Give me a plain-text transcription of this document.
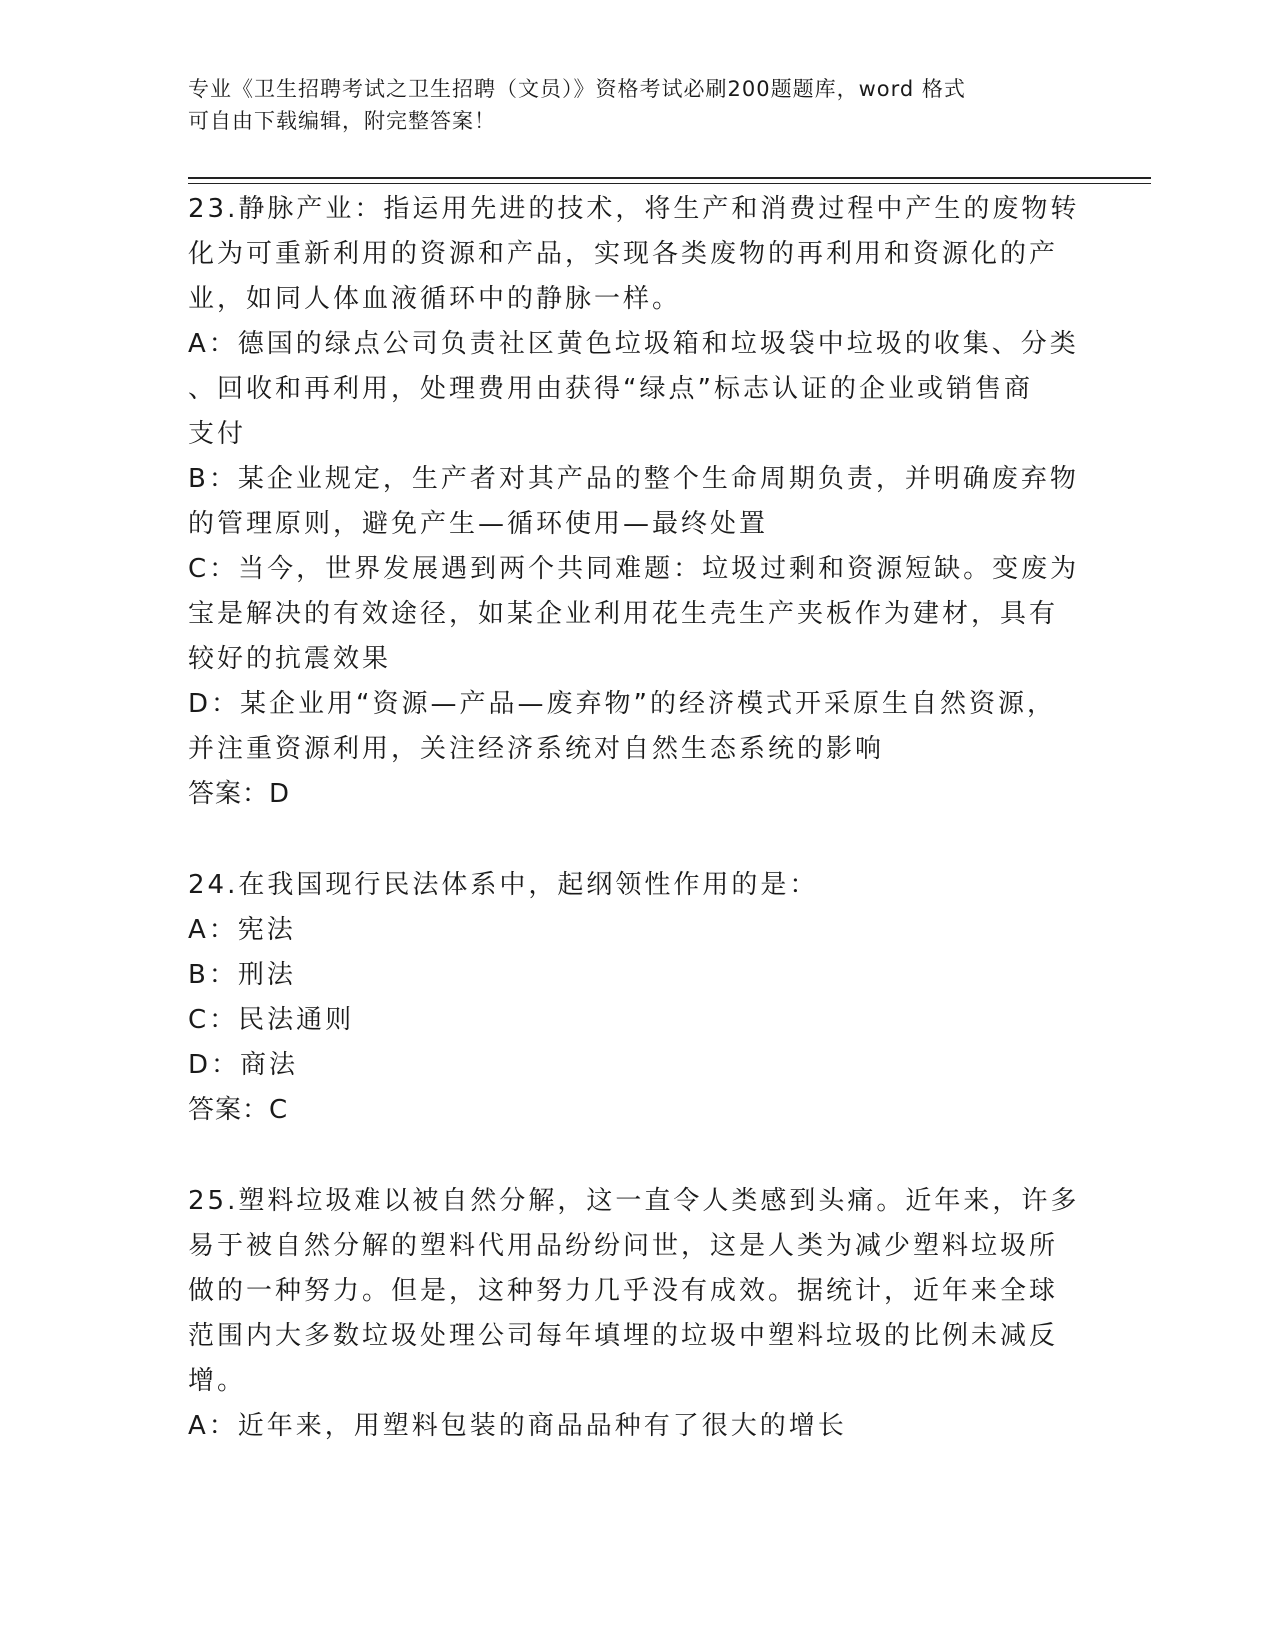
专业《卫生招聘考试之卫生招聘（文员）》资格考试必刷200题题库，word 格式
可自由下载编辑，附完整答案！
23.静脉产业：指运用先进的技术，将生产和消费过程中产生的废物转
化为可重新利用的资源和产品，实现各类废物的再利用和资源化的产
业，如同人体血液循环中的静脉一样。
A：德国的绿点公司负责社区黄色垃圾箱和垃圾袋中垃圾的收集、分类
、回收和再利用，处理费用由获得“绿点”标志认证的企业或销售商
支付
B：某企业规定，生产者对其产品的整个生命周期负责，并明确废弃物
的管理原则，避免产生—循环使用—最终处置
C：当今，世界发展遇到两个共同难题：垃圾过剩和资源短缺。变废为
宝是解决的有效途径，如某企业利用花生壳生产夹板作为建材，具有
较好的抗震效果
D：某企业用“资源—产品—废弃物”的经济模式开采原生自然资源，
并注重资源利用，关注经济系统对自然生态系统的影响
答案：D
24.在我国现行民法体系中，起纲领性作用的是：
A：宪法
B：刑法
C：民法通则
D：商法
答案：C
25.塑料垃圾难以被自然分解，这一直令人类感到头痛。近年来，许多
易于被自然分解的塑料代用品纷纷问世，这是人类为减少塑料垃圾所
做的一种努力。但是，这种努力几乎没有成效。据统计，近年来全球
范围内大多数垃圾处理公司每年填埋的垃圾中塑料垃圾的比例未减反
增。
A：近年来，用塑料包装的商品品种有了很大的增长
